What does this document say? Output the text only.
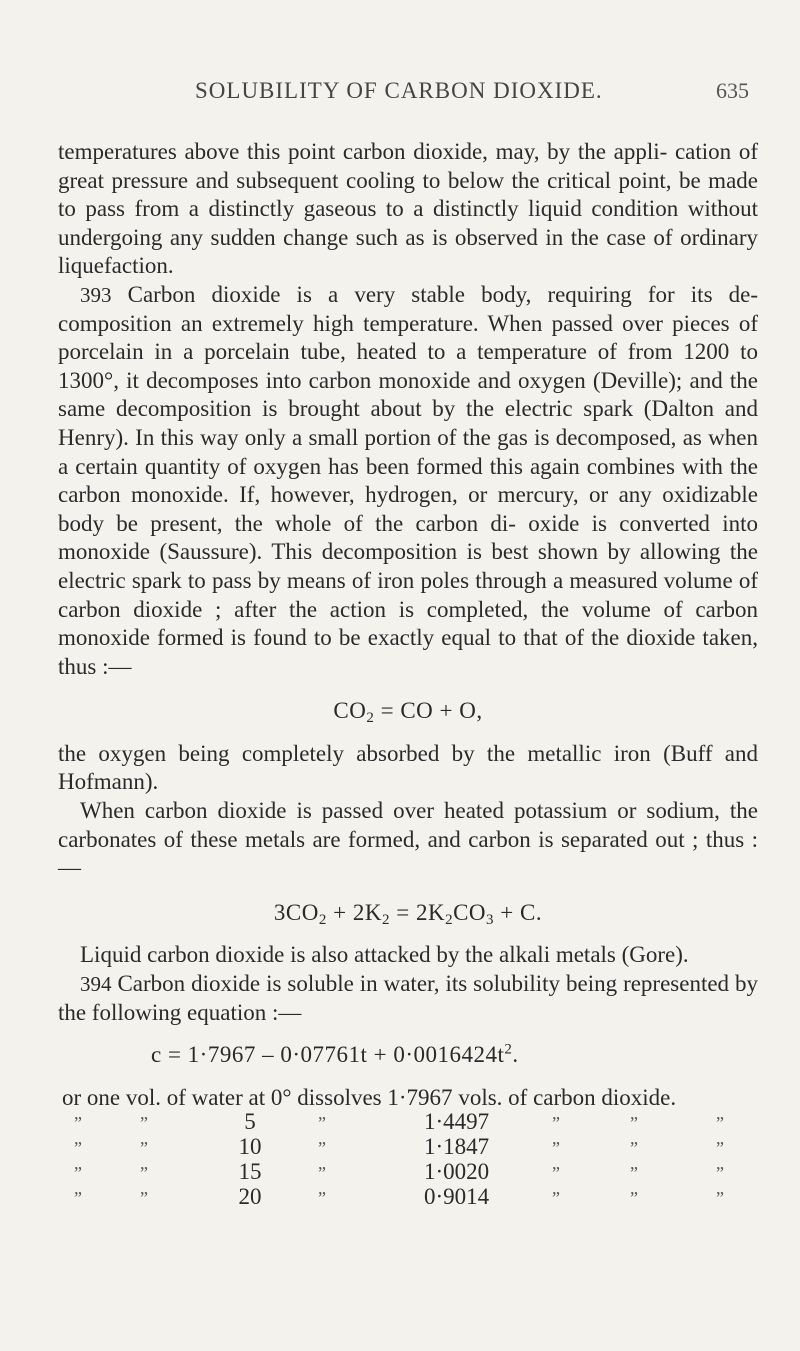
SOLUBILITY OF CARBON DIOXIDE.	635

temperatures above this point carbon dioxide, may, by the appli- cation of great pressure and subsequent cooling to below the critical point, be made to pass from a distinctly gaseous to a distinctly liquid condition without undergoing any sudden change such as is observed in the case of ordinary liquefaction.

393 Carbon dioxide is a very stable body, requiring for its de- composition an extremely high temperature. When passed over pieces of porcelain in a porcelain tube, heated to a temperature of from 1200 to 1300°, it decomposes into carbon monoxide and oxygen (Deville); and the same decomposition is brought about by the electric spark (Dalton and Henry). In this way only a small portion of the gas is decomposed, as when a certain quantity of oxygen has been formed this again combines with the carbon monoxide. If, however, hydrogen, or mercury, or any oxidizable body be present, the whole of the carbon di- oxide is converted into monoxide (Saussure). This decomposition is best shown by allowing the electric spark to pass by means of iron poles through a measured volume of carbon dioxide ; after the action is completed, the volume of carbon monoxide formed is found to be exactly equal to that of the dioxide taken, thus :—

$CO_2$ = CO + O,

the oxygen being completely absorbed by the metallic iron (Buff and Hofmann).

When carbon dioxide is passed over heated potassium or sodium, the carbonates of these metals are formed, and carbon is separated out ; thus :—

$3CO_2 + 2K_2 = 2K_2CO_3 + C$.

Liquid carbon dioxide is also attacked by the alkali metals (Gore).

394 Carbon dioxide is soluble in water, its solubility being represented by the following equation :—

$c = 1\cdot 7967 - 0\cdot 07761t + 0\cdot 0016424t^2$.
or one vol. of water at 0° dissolves 1·7967 vols. of carbon dioxide.				
” ”	5	”	1·4497	” ” ”
” ”	10	”	1·1847	” ” ”
” ”	15	”	1·0020	” ” ”
” ”	20	”	0·9014	” ” ”
